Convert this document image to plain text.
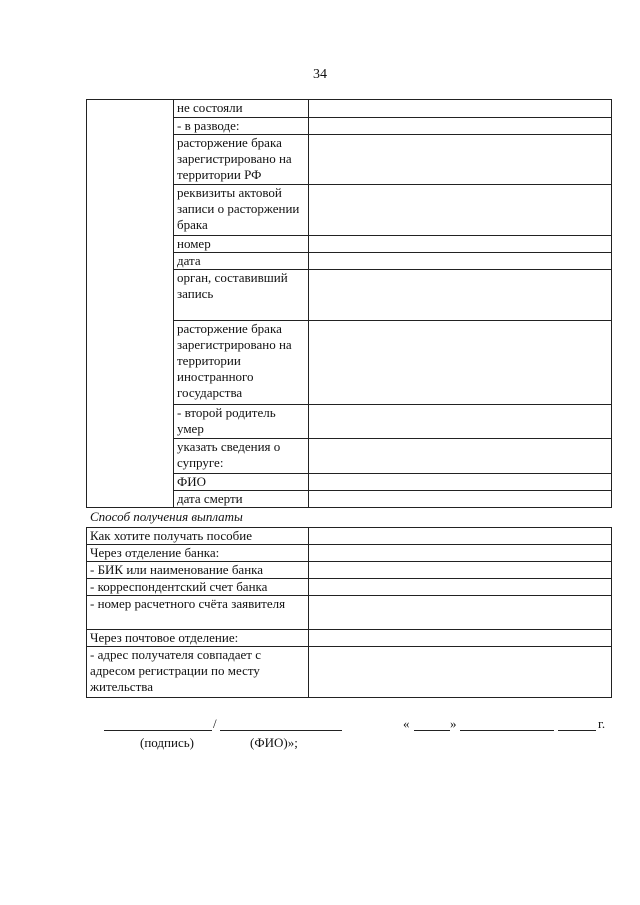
34
	не состояли	
	- в разводе:	
	расторжение брака зарегистрировано на территории РФ	
	реквизиты актовой записи о расторжении брака	
	номер	
	дата	
	орган, составивший запись	
	расторжение брака зарегистрировано на территории иностранного государства	
	- второй родитель умер	
	указать сведения о супруге:	
	ФИО	
	дата смерти	
Способ получения выплаты
Как хотите получать пособие	
Через отделение банка:	
- БИК или наименование банка	
- корреспондентский счет банка	
- номер расчетного счёта заявителя	
Через почтовое отделение:	
- адрес получателя совпадает с адресом регистрации по месту жительства	
/
(подпись)	(ФИО)»;
«	»	г.
